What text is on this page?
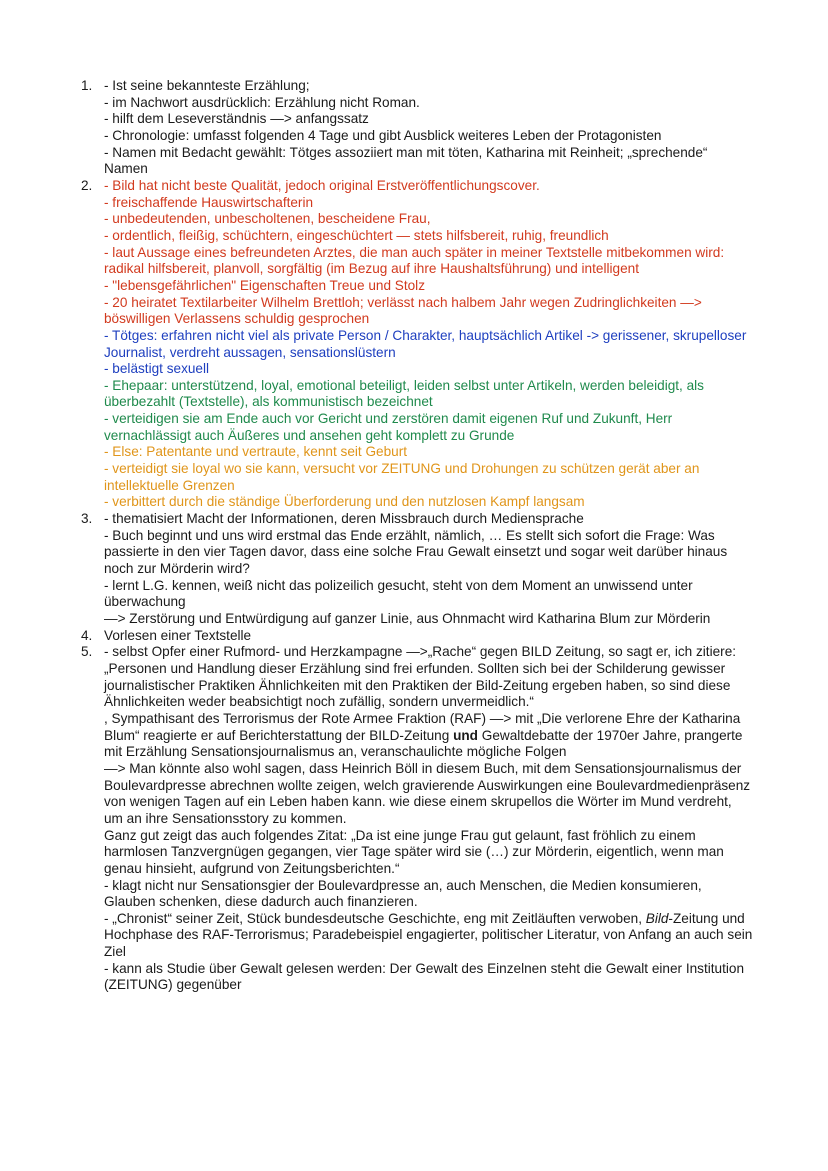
1. - Ist seine bekannteste Erzählung;
- im Nachwort ausdrücklich: Erzählung nicht Roman.
- hilft dem Leseverständnis —> anfangssatz
- Chronologie: umfasst folgenden 4 Tage und gibt Ausblick weiteres Leben der Protagonisten
- Namen mit Bedacht gewählt: Tötges assoziiert man mit töten, Katharina mit Reinheit; „sprechende“ Namen
2. - Bild hat nicht beste Qualität, jedoch original Erstveröffentlichungscover.
- freischaffende Hauswirtschafterin
- unbedeutenden, unbescholtenen, bescheidene Frau,
- ordentlich, fleißig, schüchtern, eingeschüchtert — stets hilfsbereit, ruhig, freundlich
- laut Aussage eines befreundeten Arztes, die man auch später in meiner Textstelle mitbekommen wird: radikal hilfsbereit, planvoll, sorgfältig (im Bezug auf ihre Haushaltsführung) und intelligent
- "lebensgefährlichen" Eigenschaften Treue und Stolz
- 20 heiratet Textilarbeiter Wilhelm Brettloh; verlässt nach halbem Jahr wegen Zudringlichkeiten —> böswilligen Verlassens schuldig gesprochen
- Tötges: erfahren nicht viel als private Person / Charakter, hauptsächlich Artikel -> gerissener, skrupelloser Journalist, verdreht aussagen, sensationslüstern
- belästigt sexuell
- Ehepaar: unterstützend, loyal, emotional beteiligt, leiden selbst unter Artikeln, werden beleidigt, als überbezahlt (Textstelle), als kommunistisch bezeichnet
- verteidigen sie am Ende auch vor Gericht und zerstören damit eigenen Ruf und Zukunft, Herr vernachlässigt auch Äußeres und ansehen geht komplett zu Grunde
- Else: Patentante und vertraute, kennt seit Geburt
- verteidigt sie loyal wo sie kann, versucht vor ZEITUNG und Drohungen zu schützen gerät aber an intellektuelle Grenzen
- verbittert durch die ständige Überforderung und den nutzlosen Kampf langsam
3. - thematisiert Macht der Informationen, deren Missbrauch durch Mediensprache
- Buch beginnt und uns wird erstmal das Ende erzählt, nämlich, … Es stellt sich sofort die Frage: Was passierte in den vier Tagen davor, dass eine solche Frau Gewalt einsetzt und sogar weit darüber hinaus noch zur Mörderin wird?
- lernt L.G. kennen, weiß nicht das polizeilich gesucht, steht von dem Moment an unwissend unter überwachung
—> Zerstörung und Entwürdigung auf ganzer Linie, aus Ohnmacht wird Katharina Blum zur Mörderin
4. Vorlesen einer Textstelle
5. - selbst Opfer einer Rufmord- und Herzkampagne —>„Rache“ gegen BILD Zeitung, so sagt er, ich zitiere: „Personen und Handlung dieser Erzählung sind frei erfunden. Sollten sich bei der Schilderung gewisser journalistischer Praktiken Ähnlichkeiten mit den Praktiken der Bild-Zeitung ergeben haben, so sind diese Ähnlichkeiten weder beabsichtigt noch zufällig, sondern unvermeidlich.“
, Sympathisant des Terrorismus der Rote Armee Fraktion (RAF) —> mit „Die verlorene Ehre der Katharina Blum“ reagierte er auf Berichterstattung der BILD-Zeitung und Gewaltdebatte der 1970er Jahre, prangerte mit Erzählung Sensationsjournalismus an, veranschaulichte mögliche Folgen
—> Man könnte also wohl sagen, dass Heinrich Böll in diesem Buch, mit dem Sensationsjournalismus der Boulevardpresse abrechnen wollte zeigen, welch gravierende Auswirkungen eine Boulevardmedienpräsenz von wenigen Tagen auf ein Leben haben kann. wie diese einem skrupellos die Wörter im Mund verdreht, um an ihre Sensationsstory zu kommen.
Ganz gut zeigt das auch folgendes Zitat: „Da ist eine junge Frau gut gelaunt, fast fröhlich zu einem harmlosen Tanzvergnügen gegangen, vier Tage später wird sie (…) zur Mörderin, eigentlich, wenn man genau hinsieht, aufgrund von Zeitungsberichten.“
- klagt nicht nur Sensationsgier der Boulevardpresse an, auch Menschen, die Medien konsumieren, Glauben schenken, diese dadurch auch finanzieren.
- „Chronist“ seiner Zeit, Stück bundesdeutsche Geschichte, eng mit Zeitläuften verwoben, Bild-Zeitung und Hochphase des RAF-Terrorismus; Paradebeispiel engagierter, politischer Literatur, von Anfang an auch sein Ziel
- kann als Studie über Gewalt gelesen werden: Der Gewalt des Einzelnen steht die Gewalt einer Institution (ZEITUNG) gegenüber
